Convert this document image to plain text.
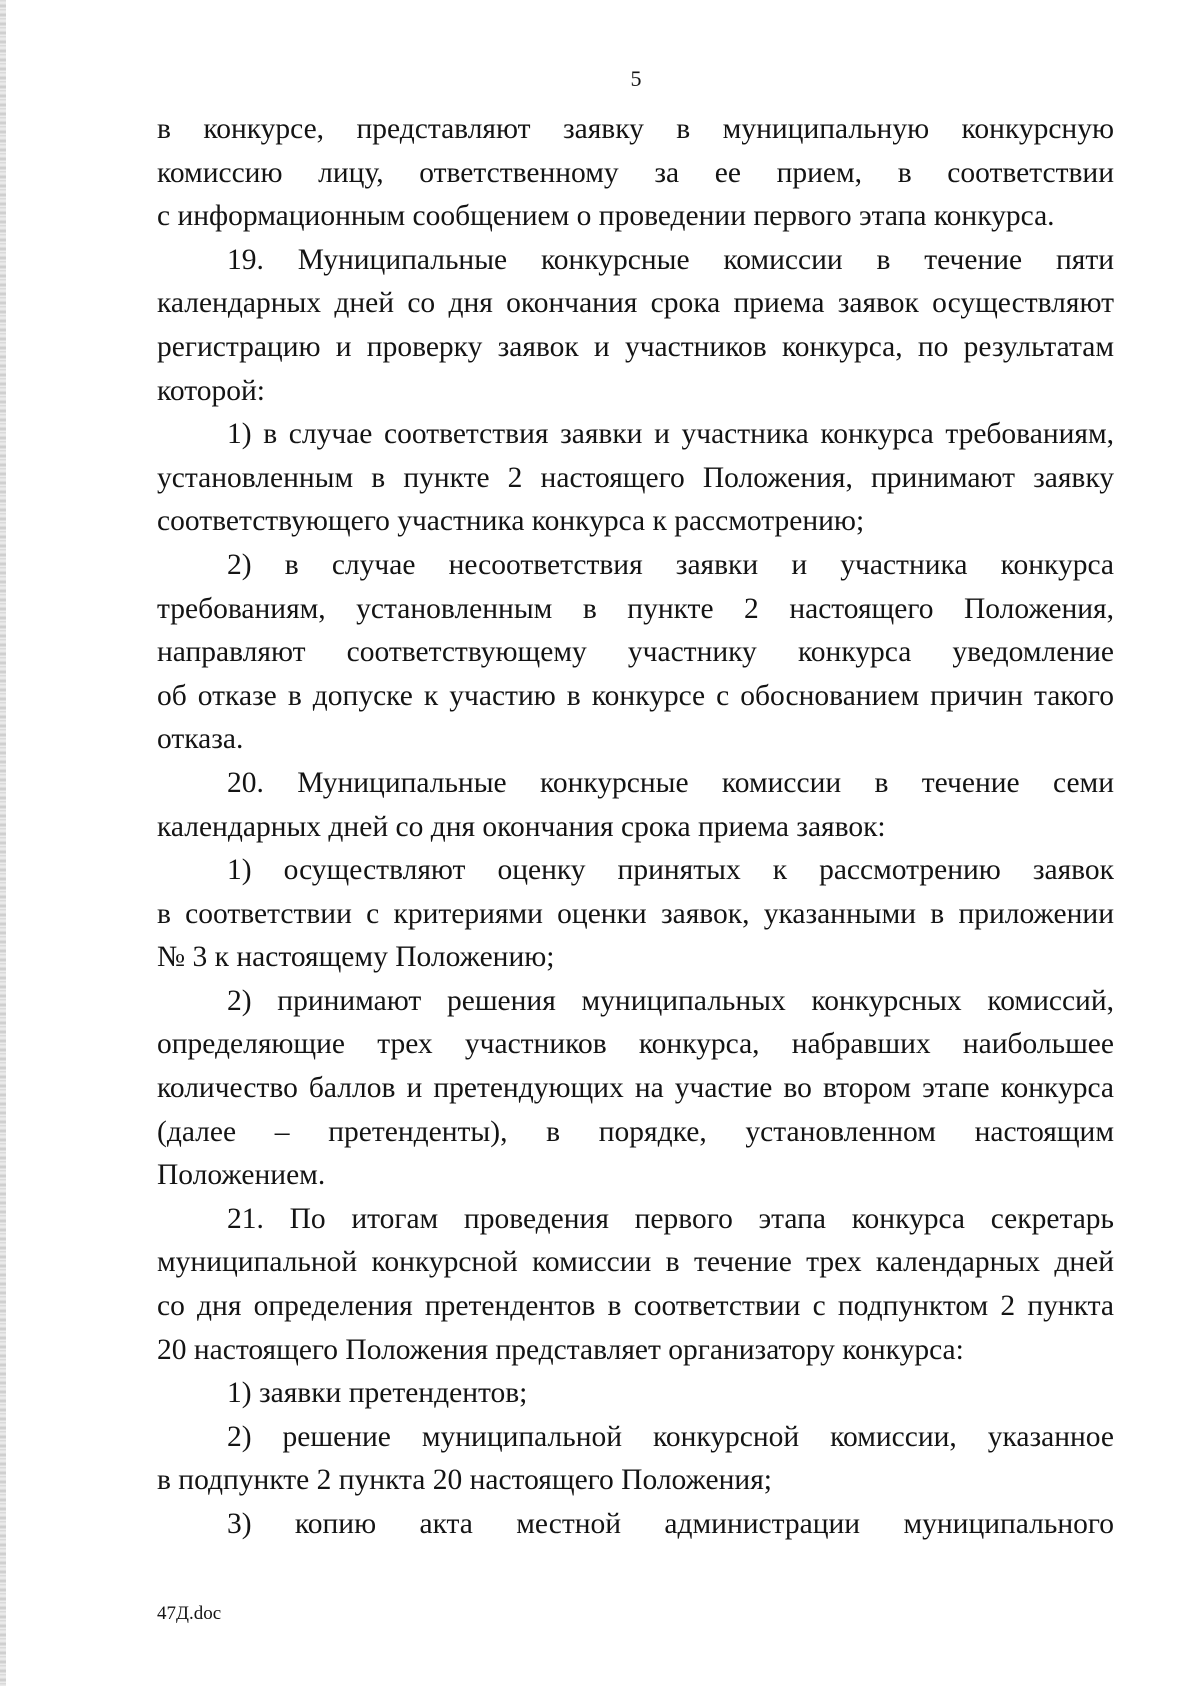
5

в конкурсе, представляют заявку в муниципальную конкурсную

комиссию лицу, ответственному за ее прием, в соответствии

с информационным сообщением о проведении первого этапа конкурса.

19. Муниципальные конкурсные комиссии в течение пяти

календарных дней со дня окончания срока приема заявок осуществляют

регистрацию и проверку заявок и участников конкурса, по результатам

которой:

1) в случае соответствия заявки и участника конкурса требованиям,

установленным в пункте 2 настоящего Положения, принимают заявку

соответствующего участника конкурса к рассмотрению;

2) в случае несоответствия заявки и участника конкурса

требованиям, установленным в пункте 2 настоящего Положения,

направляют соответствующему участнику конкурса уведомление

об отказе в допуске к участию в конкурсе с обоснованием причин такого

отказа.

20. Муниципальные конкурсные комиссии в течение семи

календарных дней со дня окончания срока приема заявок:

1) осуществляют оценку принятых к рассмотрению заявок

в соответствии с критериями оценки заявок, указанными в приложении

№ 3 к настоящему Положению;

2) принимают решения муниципальных конкурсных комиссий,

определяющие трех участников конкурса, набравших наибольшее

количество баллов и претендующих на участие во втором этапе конкурса

(далее – претенденты), в порядке, установленном настоящим

Положением.

21. По итогам проведения первого этапа конкурса секретарь

муниципальной конкурсной комиссии в течение трех календарных дней

со дня определения претендентов в соответствии с подпунктом 2 пункта

20 настоящего Положения представляет организатору конкурса:

1) заявки претендентов;

2) решение муниципальной конкурсной комиссии, указанное

в подпункте 2 пункта 20 настоящего Положения;

3) копию акта местной администрации муниципального

47Д.doc
